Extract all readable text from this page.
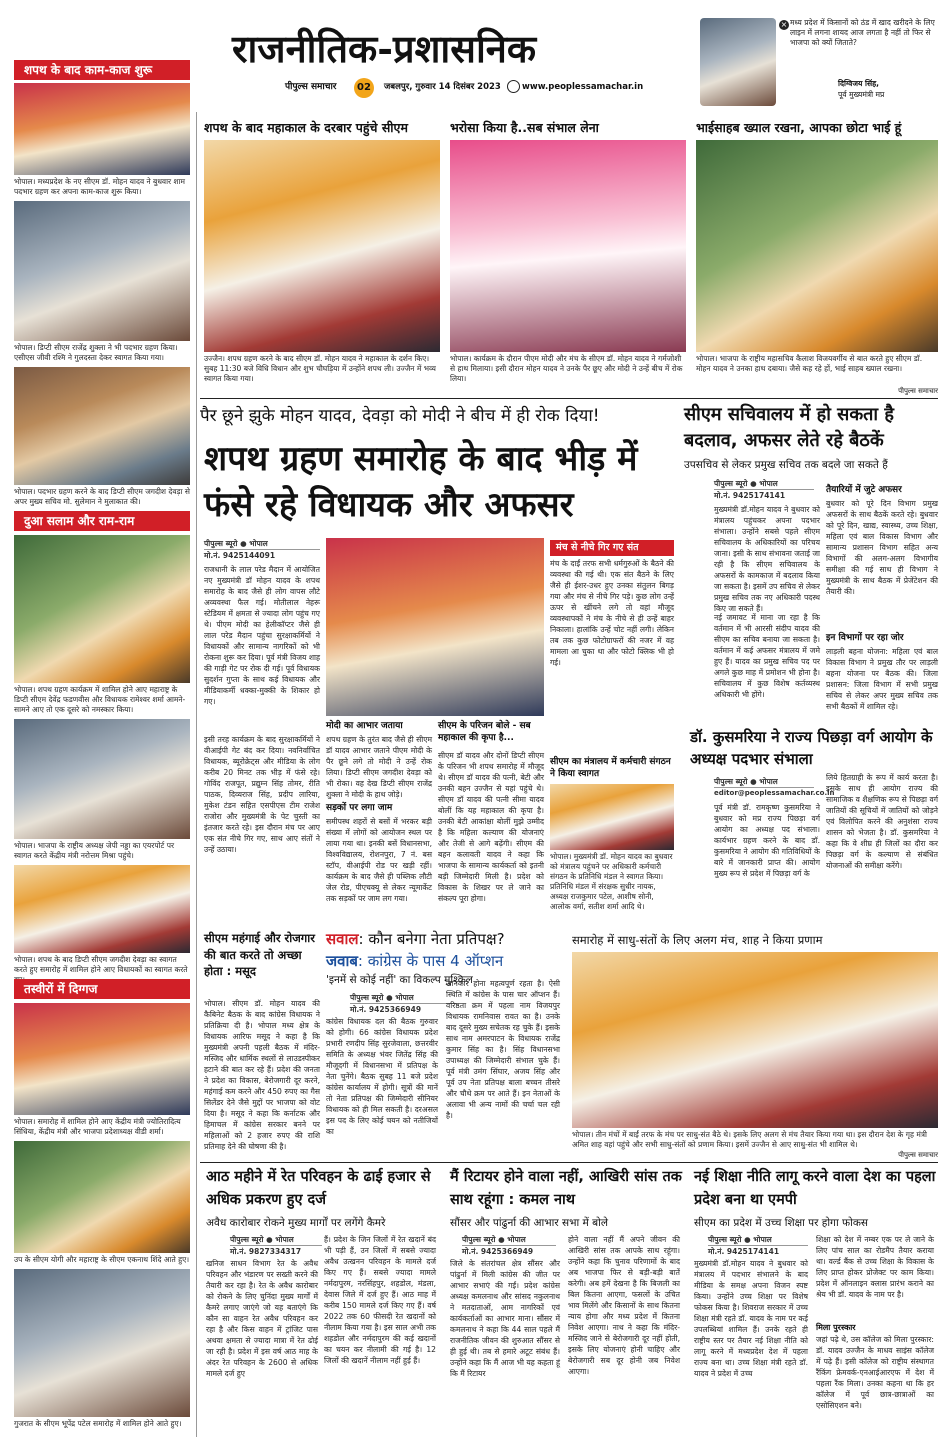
राजनीतिक-प्रशासनिक
पीपुल्स समाचार	02	जबलपुर, गुरुवार 14 दिसंबर 2023	www.peoplessamachar.in
× मध्य प्रदेश में किसानों को ठंड में खाद खरीदने के लिए लाइन में लगना शायद आज लगता है नहीं तो फिर से भाजपा को क्यों जिताते?
दिग्विजय सिंह,
पूर्व मुख्यमंत्री मप्र
शपथ के बाद काम-काज शुरू
भोपाल। मध्यप्रदेश के नए सीएम डॉ. मोहन यादव ने बुधवार शाम पदभार ग्रहण कर अपना काम-काज शुरू किया।
भोपाल। डिप्टी सीएम राजेंद्र शुक्ला ने भी पदभार ग्रहण किया। एसीएस जीवी रश्मि ने गुलदस्ता देकर स्वागत किया गया।
भोपाल। पदभार ग्रहण करने के बाद डिप्टी सीएम जगदीश देवड़ा से अपर मुख्य सचिव मो. सुलेमान ने मुलाकात की।
दुआ सलाम और राम-राम
भोपाल। शपथ ग्रहण कार्यक्रम में शामिल होने आए महाराष्ट्र के डिप्टी सीएम देवेंद्र फडणवीस और विधायक रामेश्वर शर्मा आमने-सामने आए तो एक दूसरे को नमस्कार किया।
भोपाल। भाजपा के राष्ट्रीय अध्यक्ष जेपी नड्डा का एयरपोर्ट पर स्वागत करते केंद्रीय मंत्री नरोत्तम मिश्रा पहुंचे।
भोपाल। शपथ के बाद डिप्टी सीएम जगदीश देवड़ा का स्वागत करते हुए समारोह में शामिल होने आए विधायकों का स्वागत करते
तस्वीरों में दिग्गज
भोपाल। समारोह में शामिल होने आए केंद्रीय मंत्री ज्योतिरादित्य सिंधिया, केंद्रीय मंत्री और भाजपा प्रदेशाध्यक्ष वीडी शर्मा।
उप के सीएम योगी और महाराष्ट्र के सीएम एकनाथ शिंदे आते हुए।
गुजरात के सीएम भूपेंद्र पटेल समारोह में शामिल होने आते हुए।
शपथ के बाद महाकाल के दरबार पहुंचे सीएम
उज्जैन। शपथ ग्रहण करने के बाद सीएम डॉ. मोहन यादव ने महाकाल के दर्शन किए। सुबह 11:30 बजे विधि विधान और शुभ चौघड़िया में उन्होंने शपथ ली। उज्जैन में भव्य स्वागत किया गया।
भरोसा किया है..सब संभाल लेना
भोपाल। कार्यक्रम के दौरान पीएम मोदी और मंच के सीएम डॉ. मोहन यादव ने गर्मजोशी से हाथ मिलाया। इसी दौरान मोहन यादव ने उनके पैर छूए और मोदी ने उन्हें बीच में रोक लिया।
भाईसाहब ख्याल रखना, आपका छोटा भाई हूं
भोपाल। भाजपा के राष्ट्रीय महासचिव कैलाश विजयवर्गीय से बात करते हुए सीएम डॉ. मोहन यादव ने उनका हाथ दबाया। जैसे कह रहे हों, भाई साहब ख्याल रखना।
पीपुल्स समाचार
पैर छूने झुके मोहन यादव, देवड़ा को मोदी ने बीच में ही रोक दिया!
शपथ ग्रहण समारोह के बाद भीड़ में फंसे रहे विधायक और अफसर
पीपुल्स ब्यूरो ● भोपाल
मो.नं. 9425144091
राजधानी के लाल परेड मैदान में आयोजित नए मुख्यमंत्री डॉ मोहन यादव के शपथ समारोह के बाद जैसे ही लोग वापस लौटे अव्यवस्था फैल गई। मोतीलाल नेहरू स्टेडियम में क्षमता से ज्यादा लोग पहुंच गए थे। पीएम मोदी का हेलीकॉप्टर जैसे ही लाल परेड मैदान पहुंचा सुरक्षाकर्मियों ने विधायकों और सामान्य नागरिकों को भी रोकना शुरू कर दिया। पूर्व मंत्री विजय शाह की गाड़ी गेट पर रोक दी गई। पूर्व विधायक सुदर्शन गुप्ता के साथ कई विधायक और मीडियाकर्मी धक्का-मुक्की के शिकार हो गए।
इसी तरह कार्यक्रम के बाद सुरक्षाकर्मियों ने वीआईपी गेट बंद कर दिया। नवनिर्वाचित विधायक, ब्यूरोक्रेट्स और मीडिया के लोग करीब 20 मिनट तक भीड़ में फंसे रहे। गोविंद राजपूत, प्रद्युम्न सिंह तोमर, रीति पाठक, दिव्यराज सिंह, प्रदीप लारिया, मुकेश टंडन सहित एसपीएस टीम राजेश राजोरा और मुख्यमंत्री के पेट चुस्ती का इंतजार करते रहे। इस दौरान मंच पर आए एक संत नीचे गिर गए, साथ आए संतों ने उन्हें उठाया।
मोदी का आभार जताया
शपथ ग्रहण के तुरंत बाद जैसे ही सीएम डॉ यादव आभार जताने पीएम मोदी के पैर छूने लगे तो मोदी ने उन्हें रोक लिया। डिप्टी सीएम जगदीश देवड़ा को भी रोका। वह देख डिप्टी सीएम राजेंद्र शुक्ला ने मोदी के हाथ जोड़े।
सड़कों पर लगा जाम
समीपस्थ शहरों से बसों में भरकर बड़ी संख्या में लोगों को आयोजन स्थल पर लाया गया था। इनकी बसें विधानसभा, विश्वविद्यालय, रोशनपुरा, 7 नं. बस स्टॉप, वीआईपी रोड पर खड़ी रहीं। कार्यक्रम के बाद जैसे ही पब्लिक लौटी जेल रोड, पीएचक्यू से लेकर न्यूमार्केट तक सड़कों पर जाम लग गया।
सीएम के परिजन बोले - सब महाकाल की कृपा है...
सीएम डॉ यादव और दोनों डिप्टी सीएम के परिजन भी शपथ समारोह में मौजूद थे। सीएम डॉ यादव की पत्नी, बेटी और उनकी बहन उज्जैन से यहां पहुंचे थे। सीएम डॉ यादव की पत्नी सीमा यादव बोलीं कि यह महाकाल की कृपा है। उनकी बेटी आकांक्षा बोलीं मुझे उम्मीद है कि महिला कल्याण की योजनाएं और तेजी से आगे बढ़ेंगी। सीएम की बहन कलावती यादव ने कहा कि भाजपा के सामान्य कार्यकर्ता को इतनी बड़ी जिम्मेदारी मिली है। प्रदेश को विकास के शिखर पर ले जाने का संकल्प पूरा होगा।
मंच से नीचे गिर गए संत
मंच के दाईं तरफ सभी धर्मगुरुओं के बैठने की व्यवस्था की गई थी। एक संत बैठने के लिए जैसे ही ईशर-उधर हुए उनका संतुलन बिगड़ गया और मंच से नीचे गिर पड़े। कुछ लोग उन्हें ऊपर से खींचने लगे तो वहां मौजूद व्यवस्थापकों ने मंच के नीचे से ही उन्हें बाहर निकाला। हालांकि उन्हें चोट नहीं लगी। लेकिन तब तक कुछ फोटोग्राफरों की नजर में वह मामला आ चुका था और फोटो क्लिक भी हो गई।
सीएम का मंत्रालय में कर्मचारी संगठन ने किया स्वागत
भोपाल। मुख्यमंत्री डॉ. मोहन यादव का बुधवार को मंत्रालय पहुंचने पर अधिकारी कर्मचारी संगठन के प्रतिनिधि मंडल ने स्वागत किया। प्रतिनिधि मंडल में संरक्षक सुधीर नायक, अध्यक्ष राजकुमार पटेल, आशीष सोनी, आलोक वर्मा, सतीश शर्मा आदि थे।
सीएम सचिवालय में हो सकता है बदलाव, अफसर लेते रहे बैठकें
उपसचिव से लेकर प्रमुख सचिव तक बदले जा सकते हैं
पीपुल्स ब्यूरो ● भोपाल
मो.नं. 9425174141
मुख्यमंत्री डॉ.मोहन यादव ने बुधवार को मंत्रालय पहुंचकर अपना पदभार संभाला। उन्होंने सबसे पहले सीएम सचिवालय के अधिकारियों का परिचय जाना। इसी के साथ संभावना जताई जा रही है कि सीएम सचिवालय के अफसरों के कामकाज में बदलाव किया जा सकता है। इसमें उप सचिव से लेकर प्रमुख सचिव तक नए अधिकारी पदस्थ किए जा सकते हैं।
नई जमावट में माना जा रहा है कि वर्तमान में भी आरसी संदीप यादव की सीएम का सचिव बनाया जा सकता है। वर्तमान में कई अफसर मंत्रालय में जमे हुए हैं। यादव का प्रमुख सचिव पद पर अगले कुछ माह में प्रमोशन भी होना है। सचिवालय में कुछ विशेष कर्तव्यस्थ अधिकारी भी होंगे।
तैयारियों में जुटे अफसर
बुधवार को पूरे दिन विभाग प्रमुख अफसरों के साथ बैठकें करते रहे। बुधवार को पूरे दिन, खाद्य, स्वास्थ्य, उच्च शिक्षा, महिला एवं बाल विकास विभाग और सामान्य प्रशासन विभाग सहित अन्य विभागों की अलग-अलग विभागीय समीक्षा की गई साथ ही विभाग ने मुख्यमंत्री के साथ बैठक में प्रेजेंटेशन की तैयारी की।
इन विभागों पर रहा जोर
लाड़ली बहना योजना: महिला एवं बाल विकास विभाग ने प्रमुख तौर पर लाड़ली बहना योजना पर बैठक की। जिला प्रशासन: जिला विभाग में सभी प्रमुख सचिव से लेकर अपर मुख्य सचिव तक सभी बैठकों में शामिल रहे।
डॉ. कुसमरिया ने राज्य पिछड़ा वर्ग आयोग के अध्यक्ष पदभार संभाला
पीपुल्स ब्यूरो ● भोपाल
editor@peoplessamachar.co.in
पूर्व मंत्री डॉ. रामकृष्ण कुसमरिया ने बुधवार को मप्र राज्य पिछड़ा वर्ग आयोग का अध्यक्ष पद संभाला। कार्यभार ग्रहण करने के बाद डॉ. कुसमरिया ने आयोग की गतिविधियों के बारे में जानकारी प्राप्त की। आयोग मुख्य रूप से प्रदेश में पिछड़ा वर्ग के
लिये हितग्राही के रूप में कार्य करता है। इसके साथ ही आयोग राज्य की सामाजिक व शैक्षणिक रूप से पिछड़ा वर्ग जातियों की सूचियों में जातियों को जोड़ने एवं विलोपित करने की अनुशंसा राज्य शासन को भेजता है। डॉ. कुसमरिया ने कहा कि वे शीघ्र ही जिलों का दौरा कर पिछड़ा वर्ग के कल्याण से संबंधित योजनाओं की समीक्षा करेंगे।
सीएम महंगाई और रोजगार की बात करते तो अच्छा होता : मसूद
भोपाल। सीएम डॉ. मोहन यादव की कैबिनेट बैठक के बाद कांग्रेस विधायक ने प्रतिक्रिया दी है। भोपाल मध्य क्षेत्र के विधायक आरिफ मसूद ने कहा है कि मुख्यमंत्री अपनी पहली बैठक में मंदिर-मस्जिद और धार्मिक स्थलों से लाउडस्पीकर हटाने की बात कर रहे हैं। प्रदेश की जनता ने प्रदेश का विकास, बेरोजगारी दूर करने, महंगाई कम करने और 450 रुपए का गैस सिलेंडर देने जैसे मुद्दों पर भाजपा को वोट दिया है। मसूद ने कहा कि कर्नाटक और हिमाचल में कांग्रेस सरकार बनने पर महिलाओं को 2 हजार रुपए की राशि प्रतिमाह देने की घोषणा की है।
सवाल: कौन बनेगा नेता प्रतिपक्ष?
जवाब: कांग्रेस के पास 4 ऑप्शन
'इनमें से कोई नहीं' का विकल्प मुश्किल
पीपुल्स ब्यूरो ● भोपाल
मो.नं. 9425366949
कांग्रेस विधायक दल की बैठक गुरुवार को होगी। 66 कांग्रेस विधायक प्रदेश प्रभारी रणदीप सिंह सुरजेवाला, छत्तरवीर समिति के अध्यक्ष भंवर जितेंद्र सिंह की मौजूदगी में विधानसभा में प्रतिपक्ष के नेता चुनेंगे। बैठक सुबह 11 बजे प्रदेश कांग्रेस कार्यालय में होगी। सूत्रों की मानें तो नेता प्रतिपक्ष की जिम्मेदारी सीनियर विधायक को ही मिल सकती है। दरअसल इस पद के लिए कोई चयन को नतीजियों का
जानकार होना महत्वपूर्ण रहता है। ऐसी स्थिति में कांग्रेस के पास चार ऑप्शन हैं। वरिष्ठता क्रम में पहला नाम विजयपुर विधायक रामनिवास रावत का है। उनके बाद दूसरे मुख्य सचेतक रह चुके हैं। इसके साथ नाम अमरपाटन के विधायक राजेंद्र कुमार सिंह का है। सिंह विधानसभा उपाध्यक्ष की जिम्मेदारी संभाल चुके हैं। पूर्व मंत्री उमंग सिंघार, अजय सिंह और पूर्व उप नेता प्रतिपक्ष बाला बच्चन तीसरे और चौथे क्रम पर आते हैं। इन नेताओं के अलावा भी अन्य नामों की चर्चा चल रही है।
समारोह में साधु-संतों के लिए अलग मंच, शाह ने किया प्रणाम
भोपाल। तीन मंचों में बाईं तरफ के मंच पर साधु-संत बैठे थे। इसके लिए अलग से मंच तैयार किया गया था। इस दौरान देश के गृह मंत्री अमित शाह वहां पहुंचे और सभी साधु-संतों को प्रणाम किया। इसमें उज्जैन से आए साधु-संत भी शामिल थे।
पीपुल्स समाचार
आठ महीने में रेत परिवहन के ढाई हजार से अधिक प्रकरण हुए दर्ज
अवैध कारोबार रोकने मुख्य मार्गों पर लगेंगे कैमरे
पीपुल्स ब्यूरो ● भोपाल
मो.नं. 9827334317
खनिज साधन विभाग रेत के अवैध परिवहन और भंडारण पर सख्ती करने की तैयारी कर रहा है। रेत के अवैध कारोबार को रोकने के लिए चुनिंदा मुख्य मार्गों में कैमरे लगाए जाएंगे जो यह बताएंगे कि कौन सा वाहन रेत अवैध परिवहन कर रहा है और किस वाहन में ट्रांजिट पास अथवा क्षमता से ज्यादा मात्रा में रेत ढोई जा रही है। प्रदेश में इस वर्ष आठ माह के अंदर रेत परिवहन के 2600 से अधिक मामले दर्ज हुए
हैं। प्रदेश के जिन जिलों में रेत खदानें बंद भी पड़ी हैं, उन जिलों में सबसे ज्यादा अवैध उत्खनन परिवहन के मामले दर्ज किए गए हैं। सबसे ज्यादा मामले नर्मदापुरम, नरसिंहपुर, शहडोल, मंडला, देवास जिले में दर्ज हुए हैं। आठ माह में करीब 150 मामले दर्ज किए गए हैं। वर्ष 2022 तक 60 फीसदी रेत खदानों को नीलाम किया गया है। इस साल अभी तक शहडोल और नर्मदापुरम की कई खदानों का चयन कर नीलामी की गई है। 12 जिलों की खदानें नीलाम नहीं हुई हैं।
मैं रिटायर होने वाला नहीं, आखिरी सांस तक साथ रहूंगा : कमल नाथ
सौंसर और पांढुर्ना की आभार सभा में बोले
पीपुल्स ब्यूरो ● भोपाल
मो.नं. 9425366949
जिले के संतरांचल क्षेत्र सौंसर और पांढुर्ना में मिली कांग्रेस की जीत पर आभार सभाएं की गईं। प्रदेश कांग्रेस अध्यक्ष कमलनाथ और सांसद नकुलनाथ ने मतदाताओं, आम नागरिकों एवं कार्यकर्ताओं का आभार माना। सौंसर में कमलनाथ ने कहा कि 44 साल पहले मैं राजनीतिक जीवन की शुरुआत सौंसर से ही हुई थी। तब से हमारे अटूट संबंध हैं। उन्होंने कहा कि मैं आज भी यह कहता हूं कि मैं रिटायर
होने वाला नहीं मैं अपने जीवन की आखिरी सांस तक आपके साथ रहूंगा। उन्होंने कहा कि चुनाव परिणामों के बाद अब भाजपा फिर से बड़ी-बड़ी बातें करेगी। अब हमें देखना है कि बिजली का बिल कितना आएगा, फसलों के उचित भाव मिलेंगे और किसानों के साथ कितना न्याय होगा और मध्य प्रदेश में कितना निवेश आएगा। नाथ ने कहा कि मंदिर-मस्जिद जाने से बेरोजगारी दूर नहीं होती, इसके लिए योजनाएं होनी चाहिए और बेरोजगारी सब दूर होनी जब निवेश आएगा।
नई शिक्षा नीति लागू करने वाला देश का पहला प्रदेश बना था एमपी
सीएम का प्रदेश में उच्च शिक्षा पर होगा फोकस
पीपुल्स ब्यूरो ● भोपाल
मो.नं. 9425174141
मुख्यमंत्री डॉ.मोहन यादव ने बुधवार को मंत्रालय में पदभार संभालने के बाद मीडिया के समक्ष अपना विजन स्पष्ट किया। उन्होंने उच्च शिक्षा पर विशेष फोकस किया है। शिवराज सरकार में उच्च शिक्षा मंत्री रहते डॉ. यादव के नाम पर कई उपलब्धियां शामिल हैं। उनके रहते ही राष्ट्रीय स्तर पर तैयार नई शिक्षा नीति को लागू करने में मध्यप्रदेश देश में पहला राज्य बना था। उच्च शिक्षा मंत्री रहते डॉ. यादव ने प्रदेश में उच्च
शिक्षा को देश में नम्बर एक पर ले जाने के लिए पांच साल का रोडमैप तैयार कराया था। वर्ल्ड बैंक से उच्च शिक्षा के विकास के लिए प्राप्त होकर प्रोजेक्ट पर काम किया। प्रदेश में ऑनलाइन क्लास प्रारंभ कराने का श्रेय भी डॉ. यादव के नाम पर है।
मिला पुरस्कार
जहां पढ़े थे, उस कॉलेज को मिला पुरस्कार: डॉ. यादव उज्जैन के माधव साइंस कॉलेज में पढ़े हैं। इसी कॉलेज को राष्ट्रीय संस्थागत रैंकिंग फ्रेमवर्क-एनआईआरएफ में देश में पहला रैंक मिला। उनका कहना था कि हर कॉलेज में पूर्व छात्र-छात्राओं का एसोसिएशन बने।
